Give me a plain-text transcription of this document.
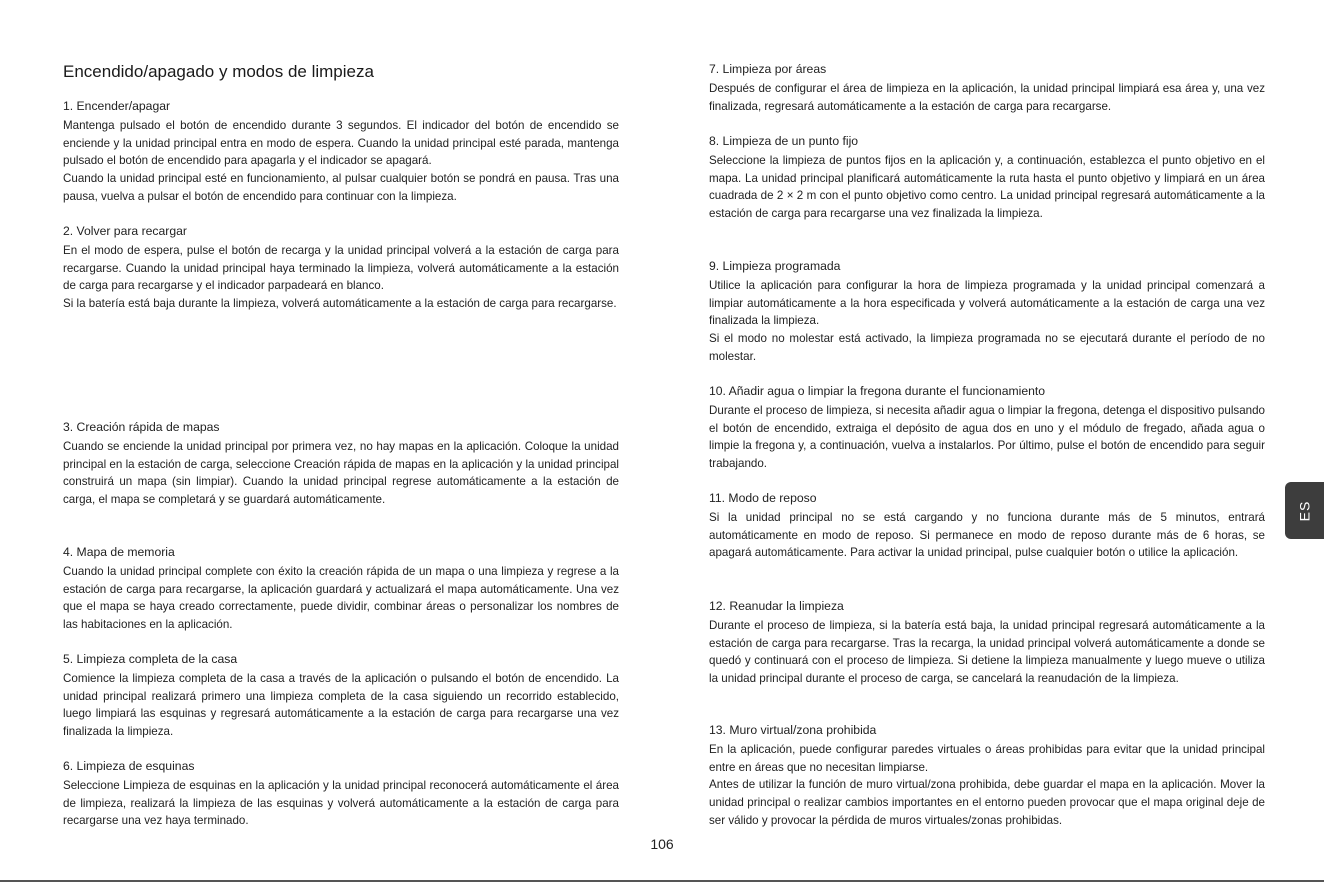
Encendido/apagado y modos de limpieza
1. Encender/apagar

Mantenga pulsado el botón de encendido durante 3 segundos. El indicador del botón de encendido se enciende y la unidad principal entra en modo de espera. Cuando la unidad principal esté parada, mantenga pulsado el botón de encendido para apagarla y el indicador se apagará.

Cuando la unidad principal esté en funcionamiento, al pulsar cualquier botón se pondrá en pausa. Tras una pausa, vuelva a pulsar el botón de encendido para continuar con la limpieza.

2. Volver para recargar

En el modo de espera, pulse el botón de recarga y la unidad principal volverá a la estación de carga para recargarse. Cuando la unidad principal haya terminado la limpieza, volverá automáticamente a la estación de carga para recargarse y el indicador parpadeará en blanco.

Si la batería está baja durante la limpieza, volverá automáticamente a la estación de carga para recargarse.

3. Creación rápida de mapas

Cuando se enciende la unidad principal por primera vez, no hay mapas en la aplicación. Coloque la unidad principal en la estación de carga, seleccione Creación rápida de mapas en la aplicación y la unidad principal construirá un mapa (sin limpiar). Cuando la unidad principal regrese automáticamente a la estación de carga, el mapa se completará y se guardará automáticamente.

4. Mapa de memoria

Cuando la unidad principal complete con éxito la creación rápida de un mapa o una limpieza y regrese a la estación de carga para recargarse, la aplicación guardará y actualizará el mapa automáticamente. Una vez que el mapa se haya creado correctamente, puede dividir, combinar áreas o personalizar los nombres de las habitaciones en la aplicación.

5. Limpieza completa de la casa

Comience la limpieza completa de la casa a través de la aplicación o pulsando el botón de encendido. La unidad principal realizará primero una limpieza completa de la casa siguiendo un recorrido establecido, luego limpiará las esquinas y regresará automáticamente a la estación de carga para recargarse una vez finalizada la limpieza.

6. Limpieza de esquinas

Seleccione Limpieza de esquinas en la aplicación y la unidad principal reconocerá automáticamente el área de limpieza, realizará la limpieza de las esquinas y volverá automáticamente a la estación de carga para recargarse una vez haya terminado.

7. Limpieza por áreas

Después de configurar el área de limpieza en la aplicación, la unidad principal limpiará esa área y, una vez finalizada, regresará automáticamente a la estación de carga para recargarse.

8. Limpieza de un punto fijo

Seleccione la limpieza de puntos fijos en la aplicación y, a continuación, establezca el punto objetivo en el mapa. La unidad principal planificará automáticamente la ruta hasta el punto objetivo y limpiará en un área cuadrada de 2 × 2 m con el punto objetivo como centro. La unidad principal regresará automáticamente a la estación de carga para recargarse una vez finalizada la limpieza.

9. Limpieza programada

Utilice la aplicación para configurar la hora de limpieza programada y la unidad principal comenzará a limpiar automáticamente a la hora especificada y volverá automáticamente a la estación de carga una vez finalizada la limpieza.

Si el modo no molestar está activado, la limpieza programada no se ejecutará durante el período de no molestar.

10. Añadir agua o limpiar la fregona durante el funcionamiento

Durante el proceso de limpieza, si necesita añadir agua o limpiar la fregona, detenga el dispositivo pulsando el botón de encendido, extraiga el depósito de agua dos en uno y el módulo de fregado, añada agua o limpie la fregona y, a continuación, vuelva a instalarlos. Por último, pulse el botón de encendido para seguir trabajando.

11. Modo de reposo

Si la unidad principal no se está cargando y no funciona durante más de 5 minutos, entrará automáticamente en modo de reposo. Si permanece en modo de reposo durante más de 6 horas, se apagará automáticamente. Para activar la unidad principal, pulse cualquier botón o utilice la aplicación.

12. Reanudar la limpieza

Durante el proceso de limpieza, si la batería está baja, la unidad principal regresará automáticamente a la estación de carga para recargarse. Tras la recarga, la unidad principal volverá automáticamente a donde se quedó y continuará con el proceso de limpieza. Si detiene la limpieza manualmente y luego mueve o utiliza la unidad principal durante el proceso de carga, se cancelará la reanudación de la limpieza.

13. Muro virtual/zona prohibida

En la aplicación, puede configurar paredes virtuales o áreas prohibidas para evitar que la unidad principal entre en áreas que no necesitan limpiarse.

Antes de utilizar la función de muro virtual/zona prohibida, debe guardar el mapa en la aplicación. Mover la unidad principal o realizar cambios importantes en el entorno pueden provocar que el mapa original deje de ser válido y provocar la pérdida de muros virtuales/zonas prohibidas.

106
ES
